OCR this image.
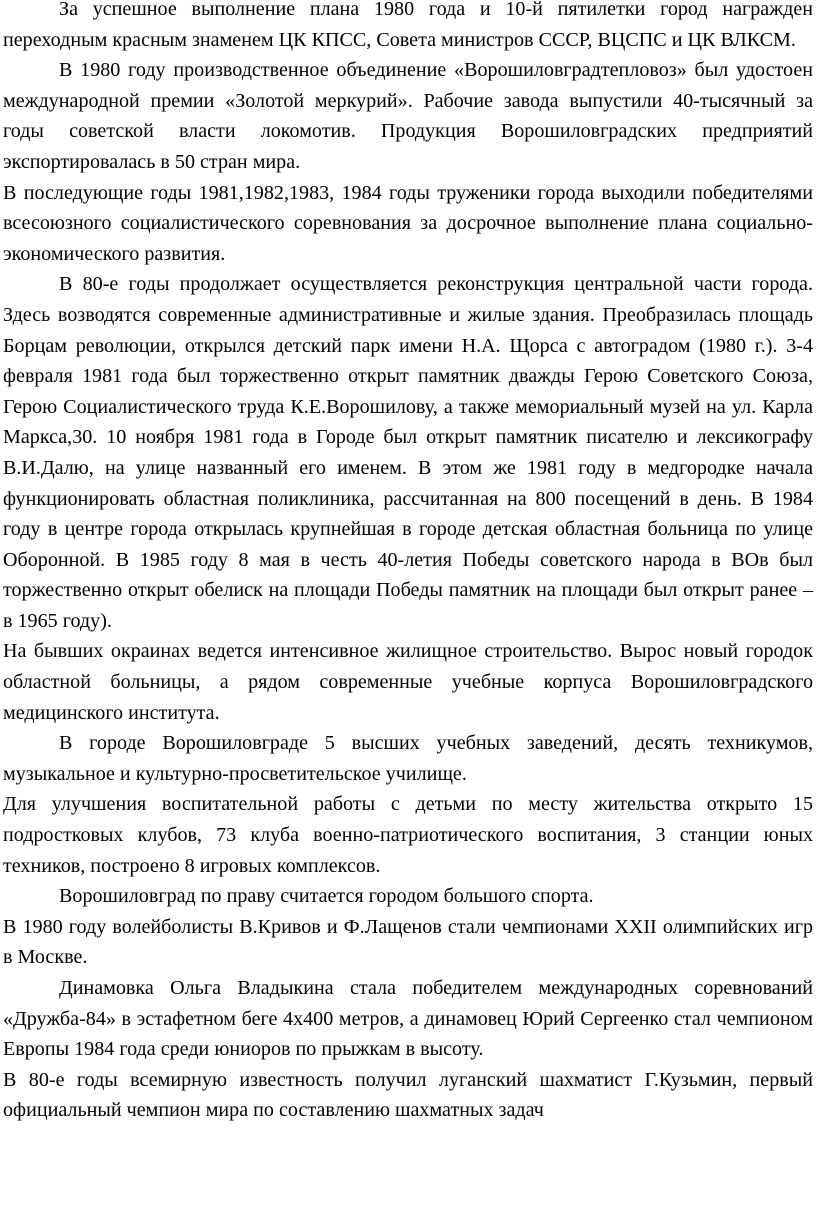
За успешное выполнение плана 1980 года и 10-й пятилетки город награжден переходным красным знаменем ЦК КПСС, Совета министров СССР, ВЦСПС и ЦК ВЛКСМ.

В 1980 году производственное объединение «Ворошиловградтепловоз» был удостоен международной премии «Золотой меркурий». Рабочие завода выпустили 40-тысячный за годы советской власти локомотив. Продукция Ворошиловградских предприятий экспортировалась в 50 стран мира.

В последующие годы 1981,1982,1983, 1984 годы труженики города выходили победителями всесоюзного социалистического соревнования за досрочное выполнение плана социально-экономического развития.

В 80-е годы продолжает осуществляется реконструкция центральной части города. Здесь возводятся современные административные и жилые здания. Преобразилась площадь Борцам революции, открылся детский парк имени Н.А. Щорса с автоградом (1980 г.). 3-4 февраля 1981 года был торжественно открыт памятник дважды Герою Советского Союза, Герою Социалистического труда К.Е.Ворошилову, а также мемориальный музей на ул. Карла Маркса,30. 10 ноября 1981 года в Городе был открыт памятник писателю и лексикографу В.И.Далю, на улице названный его именем. В этом же 1981 году в медгородке начала функционировать областная поликлиника, рассчитанная на 800 посещений в день. В 1984 году в центре города открылась крупнейшая в городе детская областная больница по улице Оборонной. В 1985 году 8 мая в честь 40-летия Победы советского народа в ВОв был торжественно открыт обелиск на площади Победы памятник на площади был открыт ранее – в 1965 году).

На бывших окраинах ведется интенсивное жилищное строительство. Вырос новый городок областной больницы, а рядом современные учебные корпуса Ворошиловградского медицинского института.

В городе Ворошиловграде 5 высших учебных заведений, десять техникумов, музыкальное и культурно-просветительское училище.

Для улучшения воспитательной работы с детьми по месту жительства открыто 15 подростковых клубов, 73 клуба военно-патриотического воспитания, 3 станции юных техников, построено 8 игровых комплексов.

Ворошиловград по праву считается городом большого спорта.

В 1980 году волейболисты В.Кривов и Ф.Лащенов стали чемпионами XXII олимпийских игр в Москве.

Динамовка Ольга Владыкина стала победителем международных соревнований «Дружба-84» в эстафетном беге 4х400 метров, а динамовец Юрий Сергеенко стал чемпионом Европы 1984 года среди юниоров по прыжкам в высоту.

В 80-е годы всемирную известность получил луганский шахматист Г.Кузьмин, первый официальный чемпион мира по составлению шахматных задач
